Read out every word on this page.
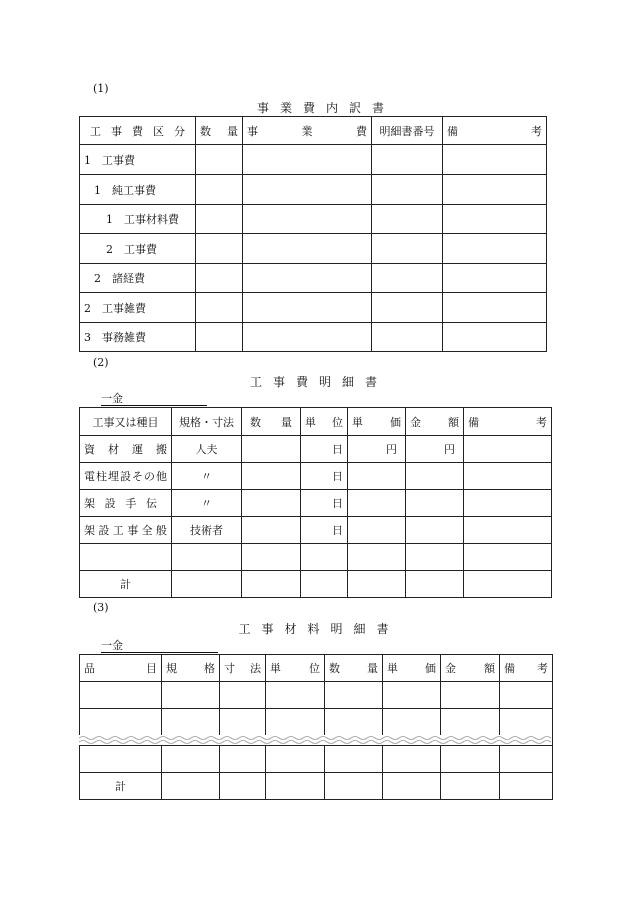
(1)
事業費内訳書
工事費区分	数量	事業費	明細書番号	備考

1　工事費				
1　純工事費				
1　工事材料費				
2　工事費				
2　諸経費				
2　工事雑費				
3　事務雑費				
(2)
工事費明細書
一金
工事又は種目	規格・寸法	数量	単位	単価	金額	備考

資材運搬	人夫		日	円	円	

電柱埋設その他	〃		日			

架設手伝	〃		日			

架設工事全般	技術者		日			

計						
(3)
工事材料明細書
一金
品目	規格	寸法	単位	数量	単価	金額	備考

計							
